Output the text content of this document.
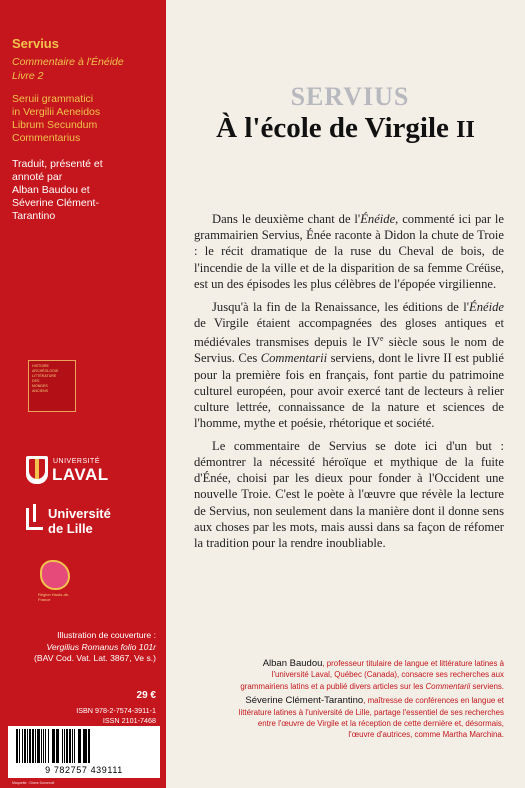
Servius
Commentaire à l'Énéide
Livre 2
Seruii grammatici
in Vergilii Aeneidos
Librum Secundum
Commentarius
Traduit, présenté et
annoté par
Alban Baudou et
Séverine Clément-
Tarantino
HISTOIRE
ARCHÉOLOGIE
LITTÉRATURE
DES
MONDES
ANCIENS
UNIVERSITÉ
LAVAL
Université
de Lille
Région Hauts-de-France
Illustration de couverture :
Vergilius Romanus folio 101r
(BAV Cod. Vat. Lat. 3867, Ve s.)
29 €
ISBN 978-2-7574-3911-1
ISSN 2101-7468
9 782757 439111
Maquette : Diane Dumesnil
SERVIUS
À l'école de Virgile II

Dans le deuxième chant de l'Énéide, commenté ici par le grammairien Servius, Énée raconte à Didon la chute de Troie : le récit dramatique de la ruse du Cheval de bois, de l'incendie de la ville et de la disparition de sa femme Créüse, est un des épisodes les plus célèbres de l'épopée virgilienne.

Jusqu'à la fin de la Renaissance, les éditions de l'Énéide de Virgile étaient accompagnées des gloses antiques et médiévales transmises depuis le IVe siècle sous le nom de Servius. Ces Commentarii serviens, dont le livre II est publié pour la première fois en français, font partie du patrimoine culturel européen, pour avoir exercé tant de lecteurs à relier culture lettrée, connaissance de la nature et sciences de l'homme, mythe et poésie, rhétorique et société.

Le commentaire de Servius se dote ici d'un but : démontrer la nécessité héroïque et mythique de la fuite d'Énée, choisi par les dieux pour fonder à l'Occident une nouvelle Troie. C'est le poète à l'œuvre que révèle la lecture de Servius, non seulement dans la manière dont il donne sens aux choses par les mots, mais aussi dans sa façon de réfomer la tradition pour la rendre inoubliable.

Alban Baudou, professeur titulaire de langue et littérature latines à l'université Laval, Québec (Canada), consacre ses recherches aux grammairiens latins et a publié divers articles sur les Commentarii serviens.

Séverine Clément-Tarantino, maîtresse de conférences en langue et littérature latines à l'université de Lille, partage l'essentiel de ses recherches entre l'œuvre de Virgile et la réception de cette dernière et, désormais, l'œuvre d'autrices, comme Martha Marchina.
